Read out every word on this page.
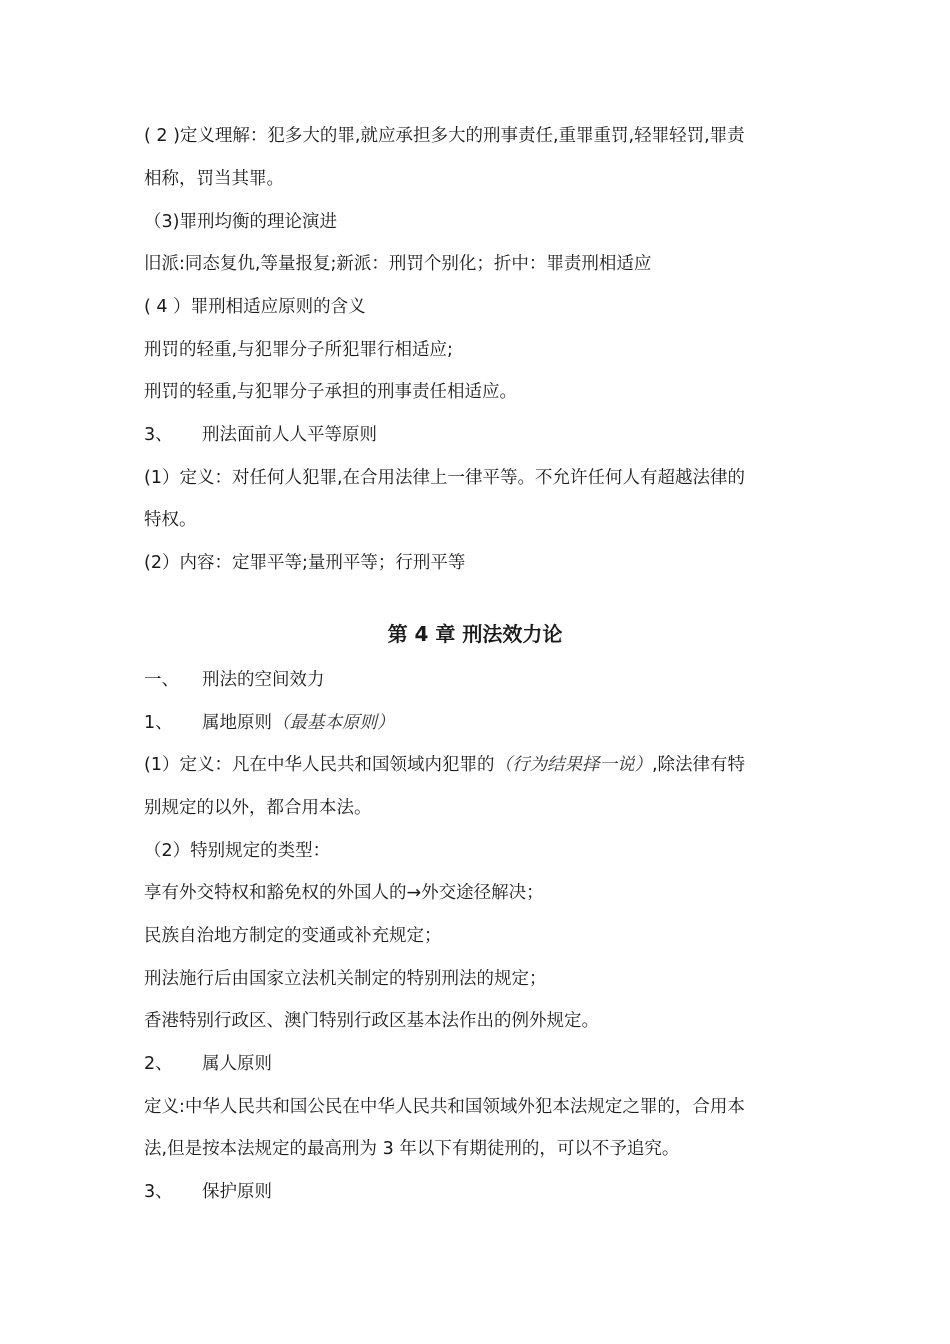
( 2 )定义理解：犯多大的罪,就应承担多大的刑事责任,重罪重罚,轻罪轻罚,罪责
相称，罚当其罪。
（3)罪刑均衡的理论演进
旧派:同态复仇,等量报复;新派：刑罚个别化；折中：罪责刑相适应
( 4 ）罪刑相适应原则的含义
刑罚的轻重,与犯罪分子所犯罪行相适应;
刑罚的轻重,与犯罪分子承担的刑事责任相适应。
3、 刑法面前人人平等原则
(1）定义：对任何人犯罪,在合用法律上一律平等。不允许任何人有超越法律的
特权。
(2）内容：定罪平等;量刑平等；行刑平等
第 4 章 刑法效力论
一、 刑法的空间效力
1、 属地原则（最基本原则）
(1）定义：凡在中华人民共和国领域内犯罪的（行为结果择一说）,除法律有特
别规定的以外，都合用本法。
（2）特别规定的类型：
享有外交特权和豁免权的外国人的→外交途径解决；
民族自治地方制定的变通或补充规定；
刑法施行后由国家立法机关制定的特别刑法的规定；
香港特别行政区、澳门特别行政区基本法作出的例外规定。
2、 属人原则
定义:中华人民共和国公民在中华人民共和国领域外犯本法规定之罪的，合用本
法,但是按本法规定的最高刑为 3 年以下有期徒刑的，可以不予追究。
3、 保护原则
